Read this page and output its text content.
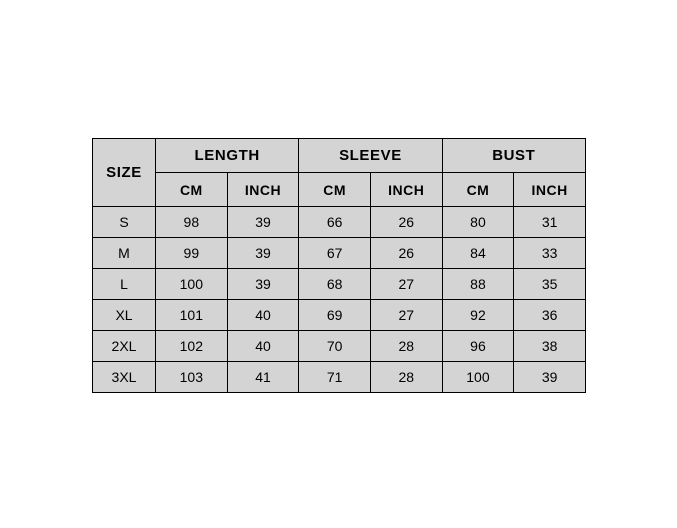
SIZE	LENGTH		SLEEVE		BUST	
	CM	INCH	CM	INCH	CM	INCH
S	98	39	66	26	80	31
M	99	39	67	26	84	33
L	100	39	68	27	88	35
XL	101	40	69	27	92	36
2XL	102	40	70	28	96	38
3XL	103	41	71	28	100	39
